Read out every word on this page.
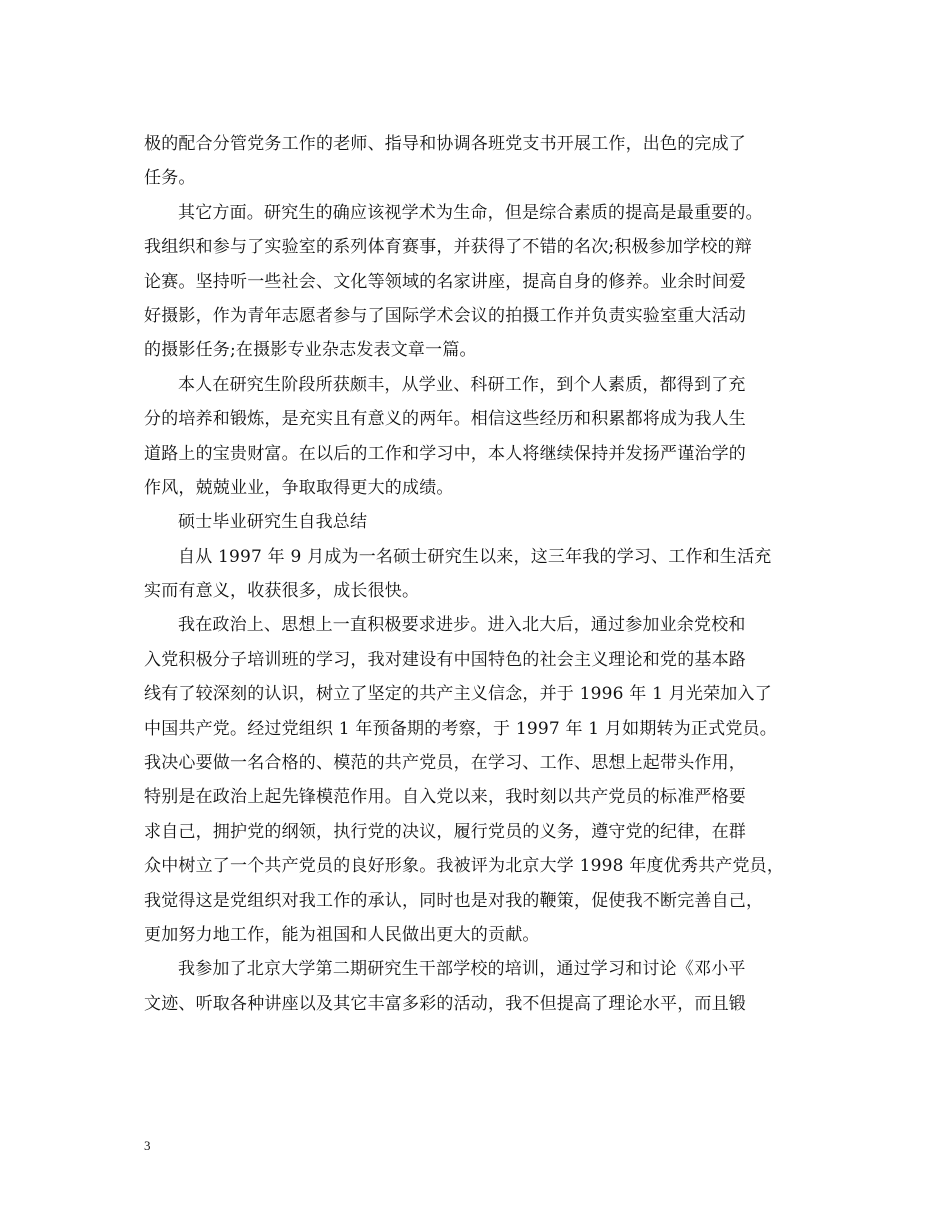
极的配合分管党务工作的老师、指导和协调各班党支书开展工作，出色的完成了
任务。
其它方面。研究生的确应该视学术为生命，但是综合素质的提高是最重要的。
我组织和参与了实验室的系列体育赛事，并获得了不错的名次;积极参加学校的辩
论赛。坚持听一些社会、文化等领域的名家讲座，提高自身的修养。业余时间爱
好摄影，作为青年志愿者参与了国际学术会议的拍摄工作并负责实验室重大活动
的摄影任务;在摄影专业杂志发表文章一篇。
本人在研究生阶段所获颇丰，从学业、科研工作，到个人素质，都得到了充
分的培养和锻炼，是充实且有意义的两年。相信这些经历和积累都将成为我人生
道路上的宝贵财富。在以后的工作和学习中，本人将继续保持并发扬严谨治学的
作风，兢兢业业，争取取得更大的成绩。
硕士毕业研究生自我总结
自从 1997 年 9 月成为一名硕士研究生以来，这三年我的学习、工作和生活充
实而有意义，收获很多，成长很快。
我在政治上、思想上一直积极要求进步。进入北大后，通过参加业余党校和
入党积极分子培训班的学习，我对建设有中国特色的社会主义理论和党的基本路
线有了较深刻的认识，树立了坚定的共产主义信念，并于 1996 年 1 月光荣加入了
中国共产党。经过党组织 1 年预备期的考察，于 1997 年 1 月如期转为正式党员。
我决心要做一名合格的、模范的共产党员，在学习、工作、思想上起带头作用，
特别是在政治上起先锋模范作用。自入党以来，我时刻以共产党员的标准严格要
求自己，拥护党的纲领，执行党的决议，履行党员的义务，遵守党的纪律，在群
众中树立了一个共产党员的良好形象。我被评为北京大学 1998 年度优秀共产党员，
我觉得这是党组织对我工作的承认，同时也是对我的鞭策，促使我不断完善自己，
更加努力地工作，能为祖国和人民做出更大的贡献。
我参加了北京大学第二期研究生干部学校的培训，通过学习和讨论《邓小平
文迹、听取各种讲座以及其它丰富多彩的活动，我不但提高了理论水平，而且锻
3
